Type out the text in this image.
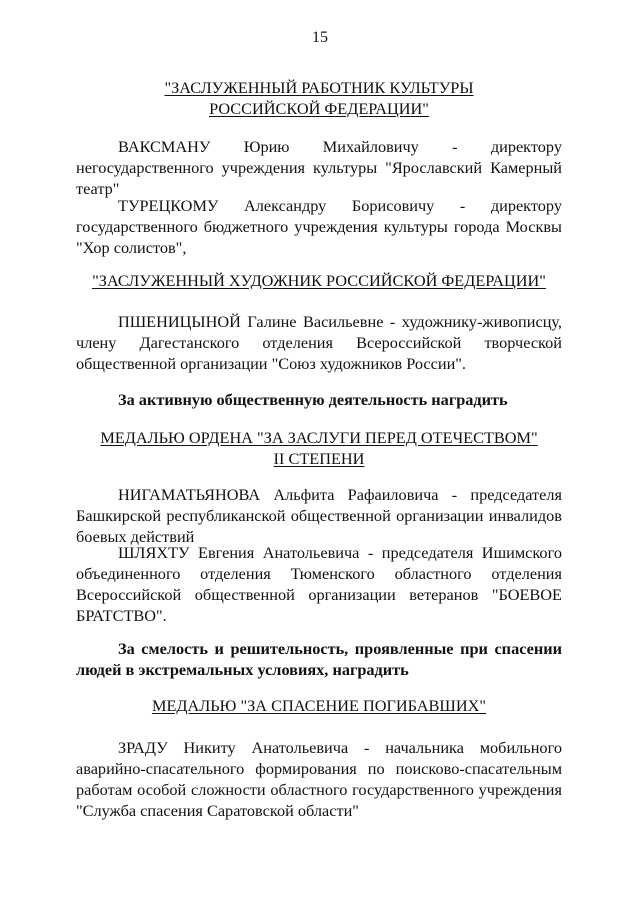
15
"ЗАСЛУЖЕННЫЙ РАБОТНИК КУЛЬТУРЫ
РОССИЙСКОЙ ФЕДЕРАЦИИ"

ВАКСМАНУ Юрию Михайловичу - директору негосударственного учреждения культуры "Ярославский Камерный театр"

ТУРЕЦКОМУ Александру Борисовичу - директору государственного бюджетного учреждения культуры города Москвы "Хор солистов",

"ЗАСЛУЖЕННЫЙ ХУДОЖНИК РОССИЙСКОЙ ФЕДЕРАЦИИ"

ПШЕНИЦЫНОЙ Галине Васильевне - художнику-живописцу, члену Дагестанского отделения Всероссийской творческой общественной организации "Союз художников России".

За активную общественную деятельность наградить

МЕДАЛЬЮ ОРДЕНА "ЗА ЗАСЛУГИ ПЕРЕД ОТЕЧЕСТВОМ"
II СТЕПЕНИ

НИГАМАТЬЯНОВА Альфита Рафаиловича - председателя Башкирской республиканской общественной организации инвалидов боевых действий

ШЛЯХТУ Евгения Анатольевича - председателя Ишимского объединенного отделения Тюменского областного отделения Всероссийской общественной организации ветеранов "БОЕВОЕ БРАТСТВО".

За смелость и решительность, проявленные при спасении людей в экстремальных условиях, наградить

МЕДАЛЬЮ "ЗА СПАСЕНИЕ ПОГИБАВШИХ"

ЗРАДУ Никиту Анатольевича - начальника мобильного аварийно-спасательного формирования по поисково-спасательным работам особой сложности областного государственного учреждения "Служба спасения Саратовской области"
